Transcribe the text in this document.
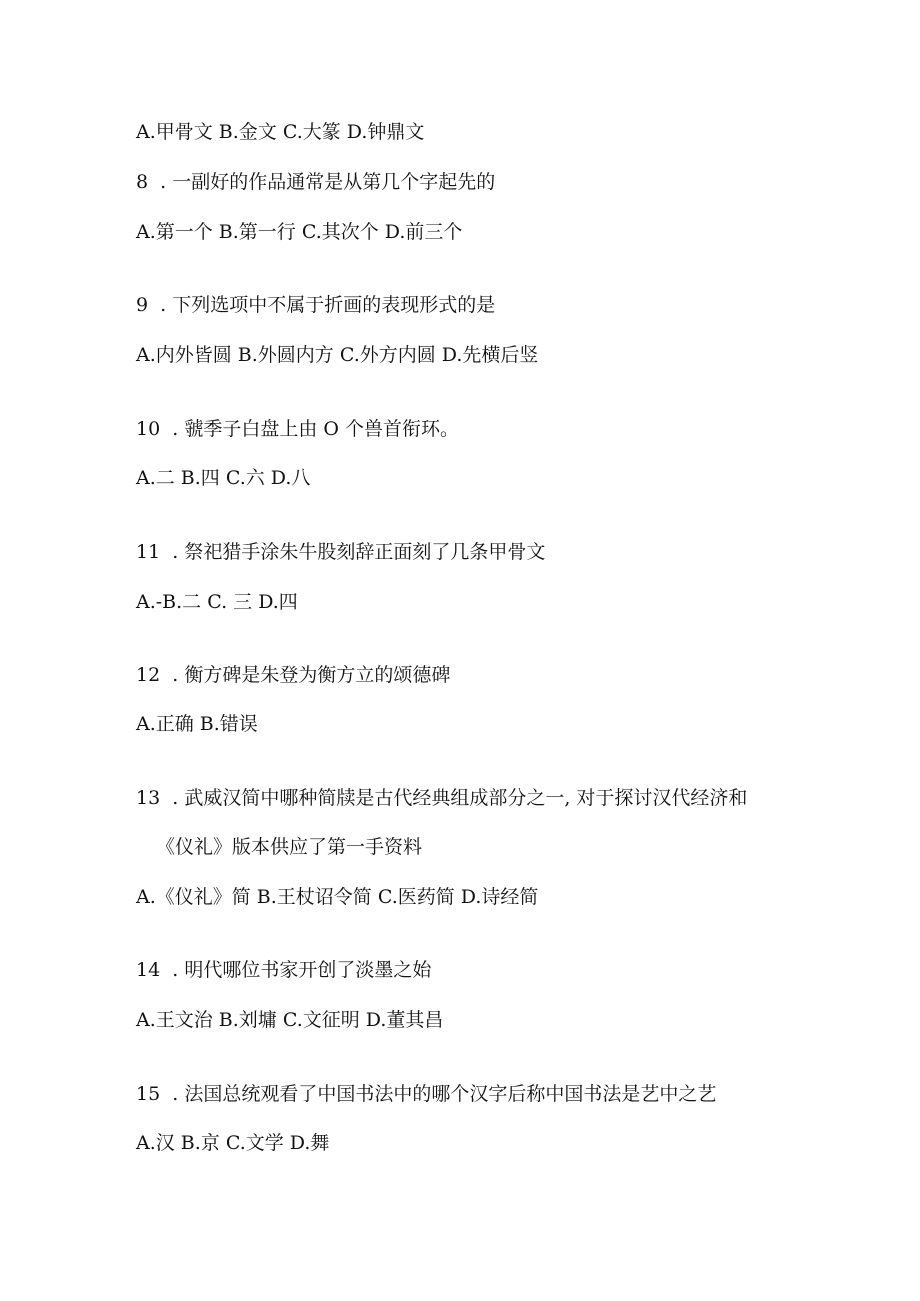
A.甲骨文 B.金文 C.大篆 D.钟鼎文
8  . 一副好的作品通常是从第几个字起先的
A.第一个 B.第一行 C.其次个 D.前三个
9  . 下列选项中不属于折画的表现形式的是
A.内外皆圆 B.外圆内方 C.外方内圆 D.先横后竖
10  . 虢季子白盘上由 O 个兽首衔环。
A.二 B.四 C.六 D.八
11  . 祭祀猎手涂朱牛股刻辞正面刻了几条甲骨文
A.-B.二 C. 三 D.四
12  . 衡方碑是朱登为衡方立的颂德碑
A.正确 B.错误
13  . 武威汉简中哪种简牍是古代经典组成部分之一, 对于探讨汉代经济和
《仪礼》版本供应了第一手资料
A.《仪礼》简 B.王杖诏令简 C.医药简 D.诗经简
14  . 明代哪位书家开创了淡墨之始
A.王文治 B.刘墉 C.文征明 D.董其昌
15  . 法国总统观看了中国书法中的哪个汉字后称中国书法是艺中之艺
A.汉 B.京 C.文学 D.舞
